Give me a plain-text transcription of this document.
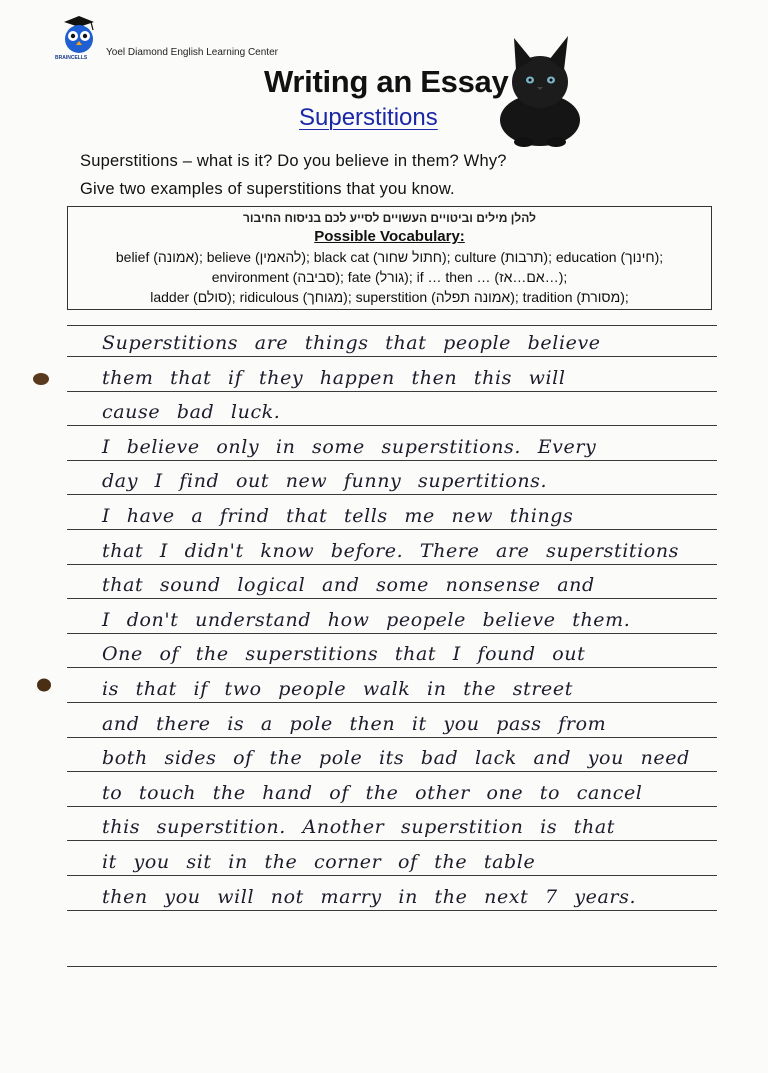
BRAINCELLS Yoel Diamond English Learning Center
Writing an Essay
Superstitions
Superstitions – what is it? Do you believe in them? Why?
Give two examples of superstitions that you know.
להלן מילים וביטויים העשויים לסייע לכם בניסוח החיבור
Possible Vocabulary:
belief (אמונה); believe (להאמין); black cat (חתול שחור); culture (תרבות); education (חינוך);
environment (סביבה); fate (גורל); if … then … (אם…אז…);
ladder (סולם); ridiculous (מגוחך); superstition (אמונה תפלה); tradition (מסורת);
Superstitions are things that people believe
them that if they happen then this will
cause bad luck.
I believe only in some superstitions. Every
day I find out new funny supertitions.
I have a frind that tells me new things
that I didn't know before. There are superstitions
that sound logical and some nonsense and
I don't understand how peopele believe them.
One of the superstitions that I found out
is that if two people walk in the street
and there is a pole then it you pass from
both sides of the pole its bad lack and you need
to touch the hand of the other one to cancel
this superstition. Another superstition is that
it you sit in the corner of the table
then you will not marry in the next 7 years.
